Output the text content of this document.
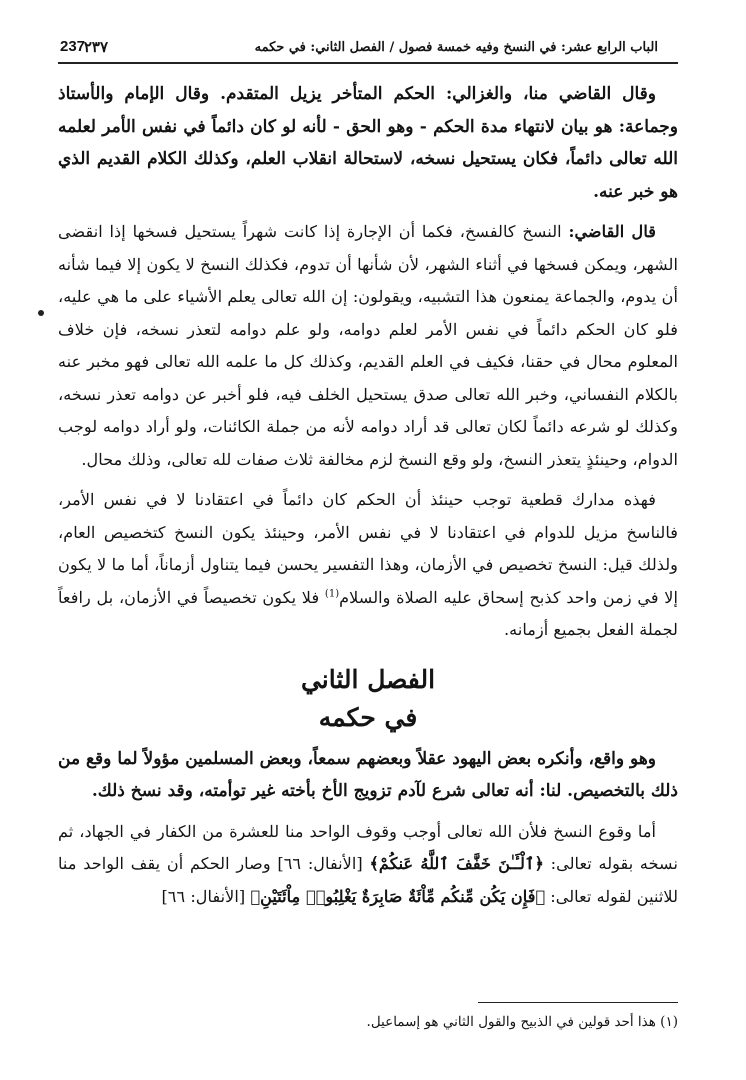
237	الباب الرابع عشر: في النسخ وفيه خمسة فصول / الفصل الثاني: في حكمه
٢٣٧

وقال القاضي منا، والغزالي: الحكم المتأخر يزيل المتقدم. وقال الإمام والأستاذ وجماعة: هو بيان لانتهاء مدة الحكم - وهو الحق - لأنه لو كان دائماً في نفس الأمر لعلمه الله تعالى دائماً، فكان يستحيل نسخه، لاستحالة انقلاب العلم، وكذلك الكلام القديم الذي هو خبر عنه.

قال القاضي: النسخ كالفسخ، فكما أن الإجارة إذا كانت شهراً يستحيل فسخها إذا انقضى الشهر، ويمكن فسخها في أثناء الشهر، لأن شأنها أن تدوم، فكذلك النسخ لا يكون إلا فيما شأنه أن يدوم، والجماعة يمنعون هذا التشبيه، ويقولون: إن الله تعالى يعلم الأشياء على ما هي عليه، فلو كان الحكم دائماً في نفس الأمر لعلم دوامه، ولو علم دوامه لتعذر نسخه، فإن خلاف المعلوم محال في حقنا، فكيف في العلم القديم، وكذلك كل ما علمه الله تعالى فهو مخبر عنه بالكلام النفساني، وخبر الله تعالى صدق يستحيل الخلف فيه، فلو أخبر عن دوامه تعذر نسخه، وكذلك لو شرعه دائماً لكان تعالى قد أراد دوامه لأنه من جملة الكائنات، ولو أراد دوامه لوجب الدوام، وحينئذٍ يتعذر النسخ، ولو وقع النسخ لزم مخالفة ثلاث صفات لله تعالى، وذلك محال.

فهذه مدارك قطعية توجب حينئذ أن الحكم كان دائماً في اعتقادنا لا في نفس الأمر، فالناسخ مزيل للدوام في اعتقادنا لا في نفس الأمر، وحينئذ يكون النسخ كتخصيص العام، ولذلك قيل: النسخ تخصيص في الأزمان، وهذا التفسير يحسن فيما يتناول أزماناً، أما ما لا يكون إلا في زمن واحد كذبح إسحاق عليه الصلاة والسلام$^{(1)}$ فلا يكون تخصيصاً في الأزمان، بل رافعاً لجملة الفعل بجميع أزمانه.

الفصل الثاني
في حكمه

وهو واقع، وأنكره بعض اليهود عقلاً وبعضهم سمعاً، وبعض المسلمين مؤولاً لما وقع من ذلك بالتخصيص. لنا: أنه تعالى شرع لآدم تزويج الأخ بأخته غير توأمته، وقد نسخ ذلك.

أما وقوع النسخ فلأن الله تعالى أوجب وقوف الواحد منا للعشرة من الكفار في الجهاد، ثم نسخه بقوله تعالى: ﴿ٱلْـَٔـٰنَ خَفَّفَ ٱللَّهُ عَنكُمْ﴾ [الأنفال: ٦٦] وصار الحكم أن يقف الواحد منا للاثنين لقوله تعالى: ﴿فَإِن يَكُن مِّنكُم مِّاْئَةٌ صَابِرَةٌ يَغْلِبُوا۟ مِاْئَتَيْنِ﴾ [الأنفال: ٦٦]

(١) هذا أحد قولين في الذبيح والقول الثاني هو إسماعيل.
